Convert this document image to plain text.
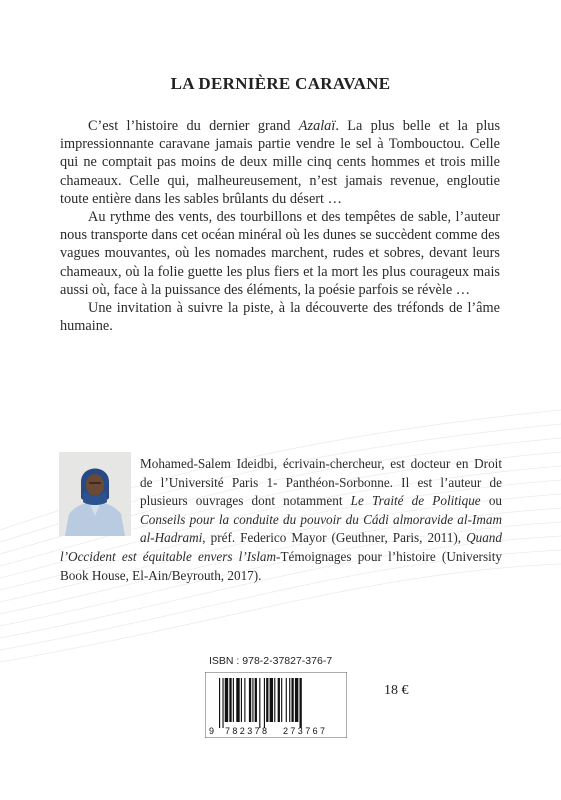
LA DERNIÈRE CARAVANE

C’est l’histoire du dernier grand Azalaï. La plus belle et la plus impressionnante caravane jamais partie vendre le sel à Tombouctou. Celle qui ne comptait pas moins de deux mille cinq cents hommes et trois mille chameaux. Celle qui, malheureusement, n’est jamais revenue, engloutie toute entière dans les sables brûlants du désert …

Au rythme des vents, des tourbillons et des tempêtes de sable, l’auteur nous transporte dans cet océan minéral où les dunes se succèdent comme des vagues mouvantes, où les nomades marchent, rudes et sobres, devant leurs chameaux, où la folie guette les plus fiers et la mort les plus courageux mais aussi où, face à la puissance des éléments, la poésie parfois se révèle …

Une invitation à suivre la piste, à la découverte des tréfonds de l’âme humaine.

Mohamed-Salem Ideidbi, écrivain-chercheur, est docteur en Droit de l’Université Paris 1- Panthéon-Sorbonne. Il est l’auteur de plusieurs ouvrages dont notamment Le Traité de Politique ou Conseils pour la conduite du pouvoir du Cádi almoravide al-Imam al-Hadrami, préf. Federico Mayor (Geuthner, Paris, 2011), Quand l’Occident est équitable envers l’Islam-Témoignages pour l’histoire (University Book House, El-Ain/Beyrouth, 2017).
ISBN : 978-2-37827-376-7
9 782378 273767
18 €
